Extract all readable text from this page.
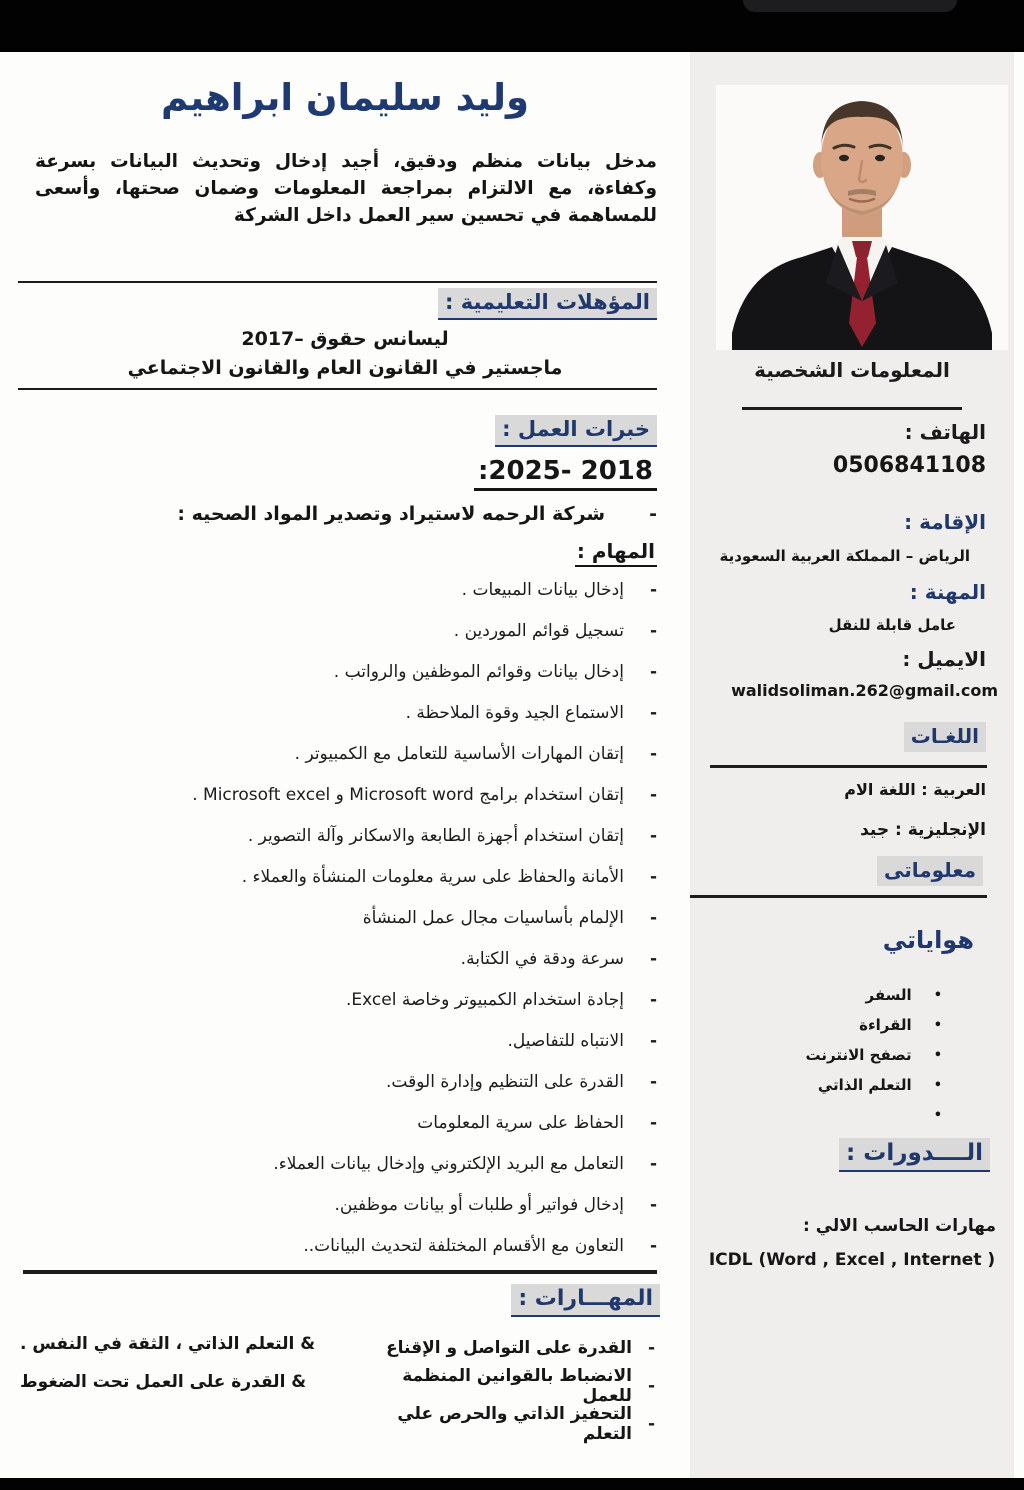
وليد سليمان ابراهيم

مدخل بيانات منظم ودقيق، أجيد إدخال وتحديث البيانات بسرعة وكفاءة، مع الالتزام بمراجعة المعلومات وضمان صحتها، وأسعى للمساهمة في تحسين سير العمل داخل الشركة

المؤهلات التعليمية :
ليسانس حقوق –2017
ماجستير في القانون العام والقانون الاجتماعي
خبرات العمل :
2018 -2025:
-
شركة الرحمه لاستيراد وتصدير المواد الصحيه :
المهام :
-
إدخال بيانات المبيعات .
-
تسجيل قوائم الموردين .
-
إدخال بيانات وقوائم الموظفين والرواتب .
-
الاستماع الجيد وقوة الملاحظة .
-
إتقان المهارات الأساسية للتعامل مع الكمبيوتر .
-
إتقان استخدام برامج Microsoft word و Microsoft excel .
-
إتقان استخدام أجهزة الطابعة والاسكانر وآلة التصوير .
-
الأمانة والحفاظ على سرية معلومات المنشأة والعملاء .
-
الإلمام بأساسيات مجال عمل المنشأة
-
سرعة ودقة في الكتابة.
-
إجادة استخدام الكمبيوتر وخاصة Excel.
-
الانتباه للتفاصيل.
-
القدرة على التنظيم وإدارة الوقت.
-
الحفاظ على سرية المعلومات
-
التعامل مع البريد الإلكتروني وإدخال بيانات العملاء.
-
إدخال فواتير أو طلبات أو بيانات موظفين.
-
التعاون مع الأقسام المختلفة لتحديث البيانات..
المهـــارات :
-
القدرة على التواصل و الإقناع
& التعلم الذاتي ، الثقة في النفس .
-
الانضباط بالقوانين المنظمة للعمل
& القدرة على العمل تحت الضغوط
-
التحفيز الذاتي والحرص علي التعلم
المعلومات الشخصية
الهاتف :
0506841108
الإقامة :
الرياض – المملكة العربية السعودية
المهنة :
عامل قابلة للنقل
الايميل :
walidsoliman.262@gmail.com
اللغـات
العربية : اللغة الام
الإنجليزية : جيد
معلوماتى
هواياتي
•
السفر
•
القراءة
•
تصفح الانترنت
•
التعلم الذاتي
•
الــــدورات :
مهارات الحاسب الالي :
ICDL (Word , Excel , Internet )
